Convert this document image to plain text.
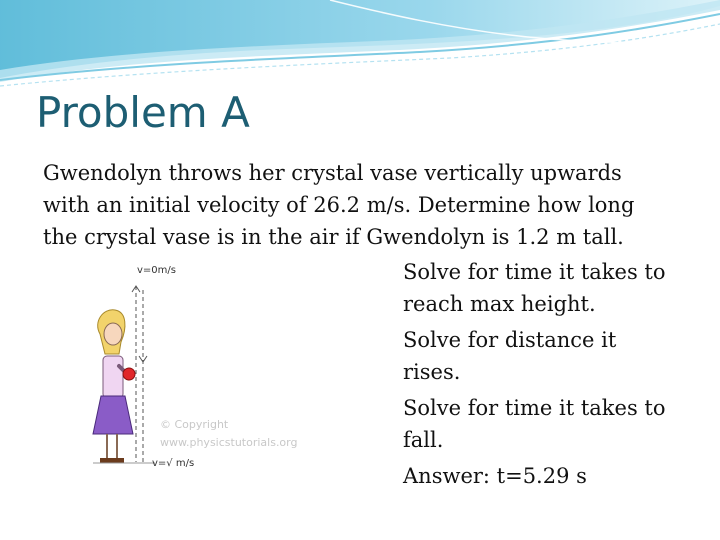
Problem A

Gwendolyn throws her crystal vase vertically upwards
with an initial velocity of 26.2 m/s. Determine how long
the crystal vase is in the air if Gwendolyn is 1.2 m tall.

Solve for time it takes to
reach max height.
Solve for distance it
rises.
Solve for time it takes to
fall.
Answer: t=5.29 s
v=0m/s
© Copyright
www.physicstutorials.org
v=√ m/s
